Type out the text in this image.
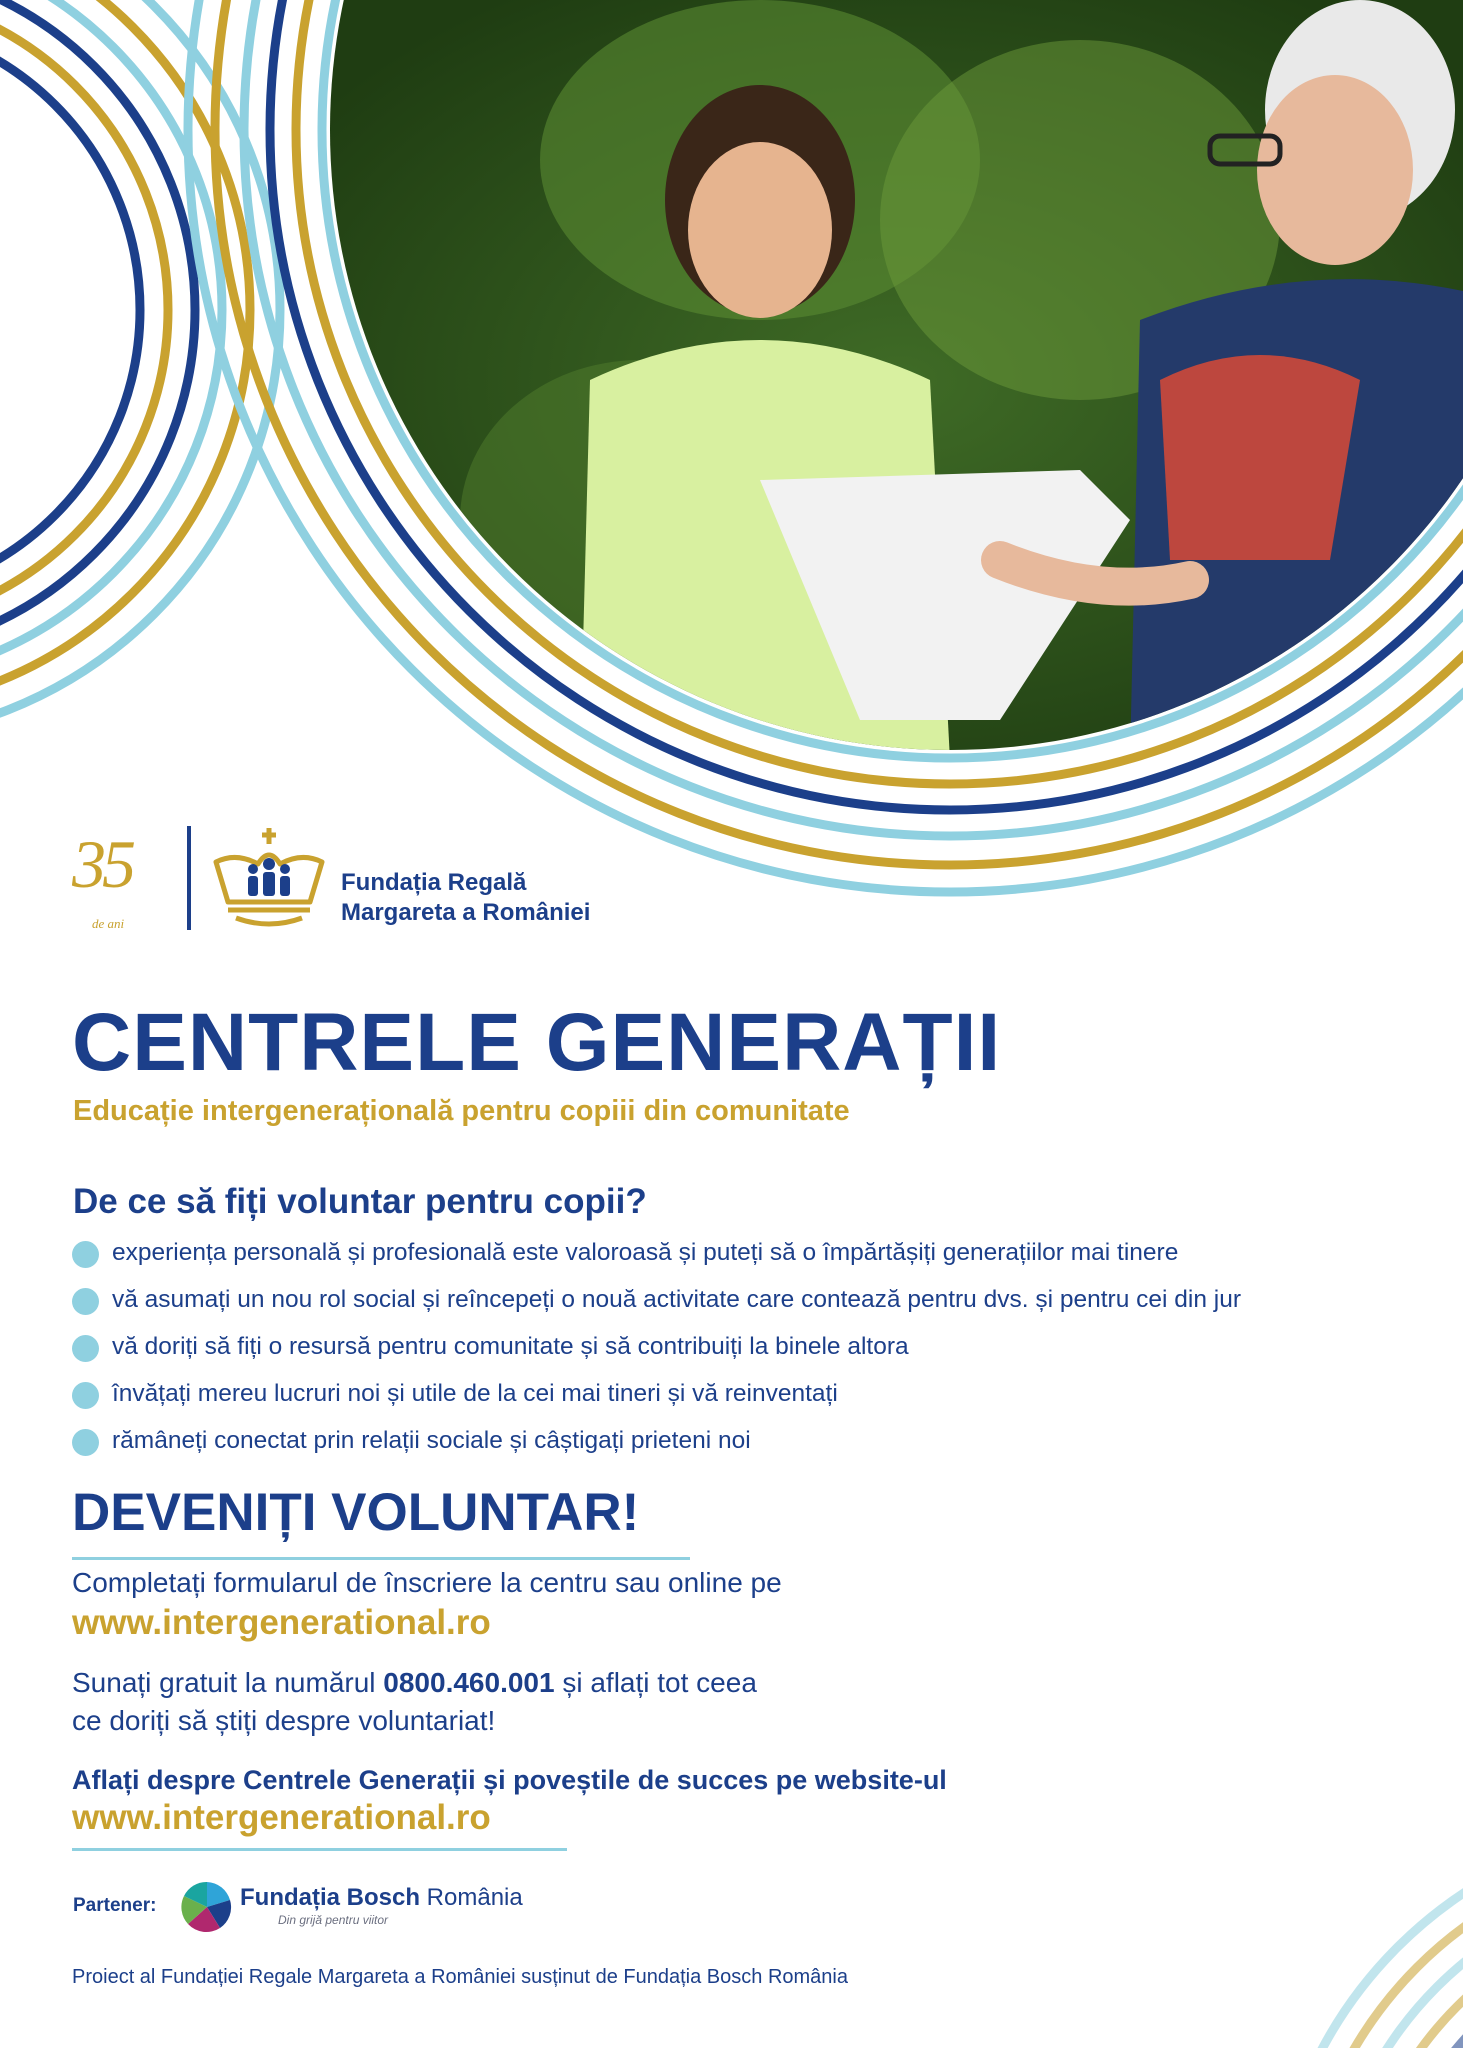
35
de ani
Fundația Regală
Margareta a României
CENTRELE GENERAȚII
Educație intergenerațională pentru copiii din comunitate
De ce să fiți voluntar pentru copii?
experiența personală și profesională este valoroasă și puteți să o împărtășiți generațiilor mai tinere
vă asumați un nou rol social și reîncepeți o nouă activitate care contează pentru dvs. și pentru cei din jur
vă doriți să fiți o resursă pentru comunitate și să contribuiți la binele altora
învățați mereu lucruri noi și utile de la cei mai tineri și vă reinventați
rămâneți conectat prin relații sociale și câștigați prieteni noi
DEVENIȚI VOLUNTAR!
Completați formularul de înscriere la centru sau online pe
www.intergenerational.ro
Sunați gratuit la numărul 0800.460.001 și aflați tot ceea
ce doriți să știți despre voluntariat!
Aflați despre Centrele Generații și poveștile de succes pe website-ul
www.intergenerational.ro
Partener:	Fundația Bosch România
Din grijă pentru viitor
Proiect al Fundației Regale Margareta a României susținut de Fundația Bosch România
